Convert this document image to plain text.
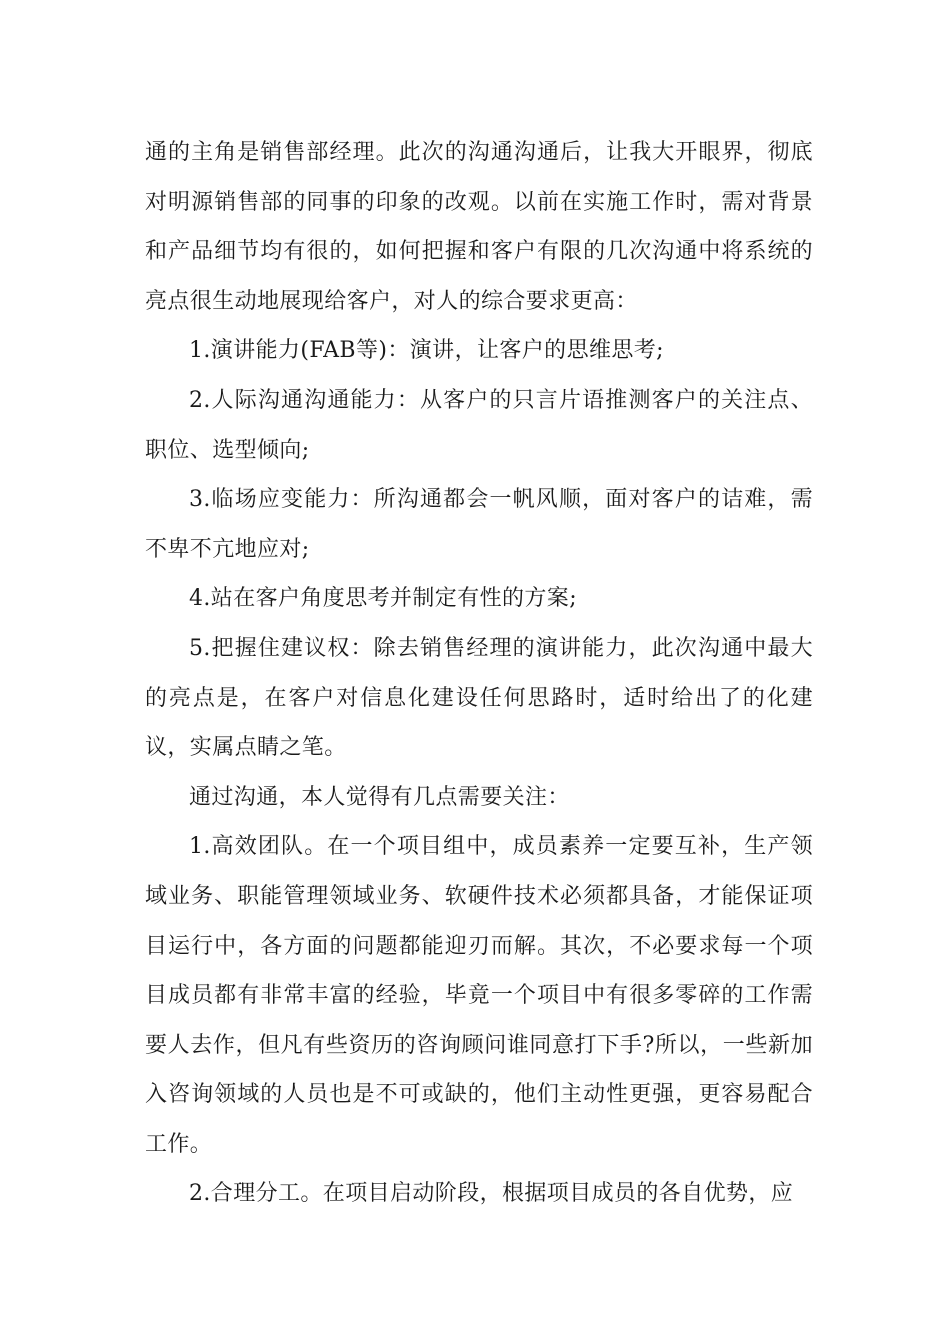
通的主角是销售部经理。此次的沟通沟通后，让我大开眼界，彻底对明源销售部的同事的印象的改观。以前在实施工作时，需对背景和产品细节均有很的，如何把握和客户有限的几次沟通中将系统的亮点很生动地展现给客户，对人的综合要求更高：

1.演讲能力(FAB等)：演讲，让客户的思维思考;

2.人际沟通沟通能力：从客户的只言片语推测客户的关注点、职位、选型倾向;

3.临场应变能力：所沟通都会一帆风顺，面对客户的诘难，需不卑不亢地应对;

4.站在客户角度思考并制定有性的方案;

5.把握住建议权：除去销售经理的演讲能力，此次沟通中最大的亮点是，在客户对信息化建设任何思路时，适时给出了的化建议，实属点睛之笔。

通过沟通，本人觉得有几点需要关注：

1.高效团队。在一个项目组中，成员素养一定要互补，生产领域业务、职能管理领域业务、软硬件技术必须都具备，才能保证项目运行中，各方面的问题都能迎刃而解。其次，不必要求每一个项目成员都有非常丰富的经验，毕竟一个项目中有很多零碎的工作需要人去作，但凡有些资历的咨询顾问谁同意打下手?所以，一些新加入咨询领域的人员也是不可或缺的，他们主动性更强，更容易配合工作。

2.合理分工。在项目启动阶段，根据项目成员的各自优势，应
